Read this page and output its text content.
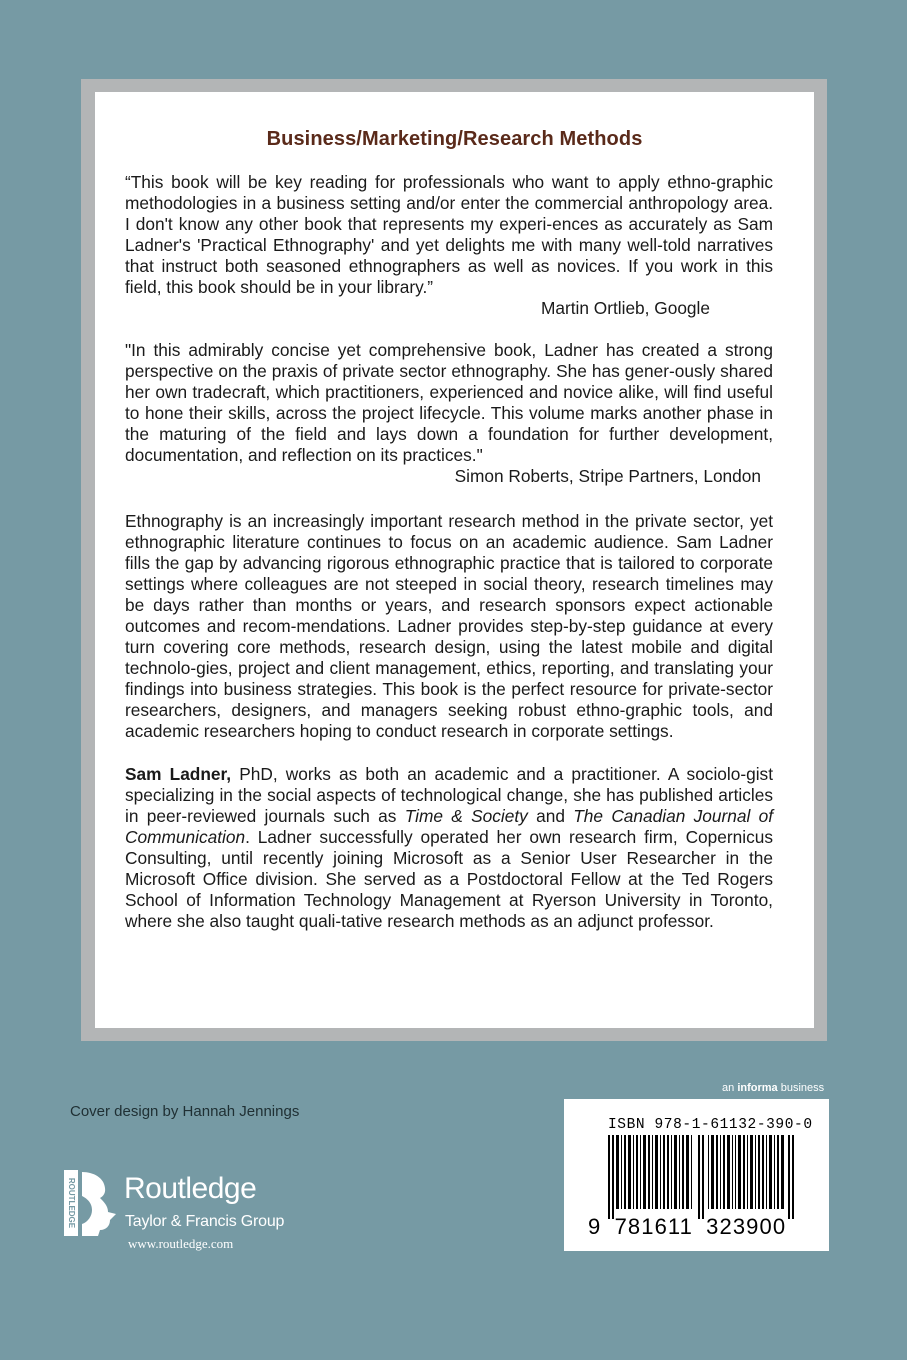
Business/Marketing/Research Methods

“This book will be key reading for professionals who want to apply ethno-graphic methodologies in a business setting and/or enter the commercial anthropology area. I don't know any other book that represents my experi-ences as accurately as Sam Ladner's 'Practical Ethnography' and yet delights me with many well-told narratives that instruct both seasoned ethnographers as well as novices. If you work in this field, this book should be in your library.”

Martin Ortlieb, Google

"In this admirably concise yet comprehensive book, Ladner has created a strong perspective on the praxis of private sector ethnography. She has gener-ously shared her own tradecraft, which practitioners, experienced and novice alike, will find useful to hone their skills, across the project lifecycle. This volume marks another phase in the maturing of the field and lays down a foundation for further development, documentation, and reflection on its practices."

Simon Roberts, Stripe Partners, London

Ethnography is an increasingly important research method in the private sector, yet ethnographic literature continues to focus on an academic audience. Sam Ladner fills the gap by advancing rigorous ethnographic practice that is tailored to corporate settings where colleagues are not steeped in social theory, research timelines may be days rather than months or years, and research sponsors expect actionable outcomes and recom-mendations. Ladner provides step-by-step guidance at every turn covering core methods, research design, using the latest mobile and digital technolo-gies, project and client management, ethics, reporting, and translating your findings into business strategies. This book is the perfect resource for private-sector researchers, designers, and managers seeking robust ethno-graphic tools, and academic researchers hoping to conduct research in corporate settings.

Sam Ladner, PhD, works as both an academic and a practitioner. A sociolo-gist specializing in the social aspects of technological change, she has published articles in peer-reviewed journals such as Time & Society and The Canadian Journal of Communication. Ladner successfully operated her own research firm, Copernicus Consulting, until recently joining Microsoft as a Senior User Researcher in the Microsoft Office division. She served as a Postdoctoral Fellow at the Ted Rogers School of Information Technology Management at Ryerson University in Toronto, where she also taught quali-tative research methods as an adjunct professor.

Cover design by Hannah Jennings
an informa business
ISBN 978-1-61132-390-0
9 781611 323900
ROUTLEDGE Routledge
Taylor & Francis Group
www.routledge.com
